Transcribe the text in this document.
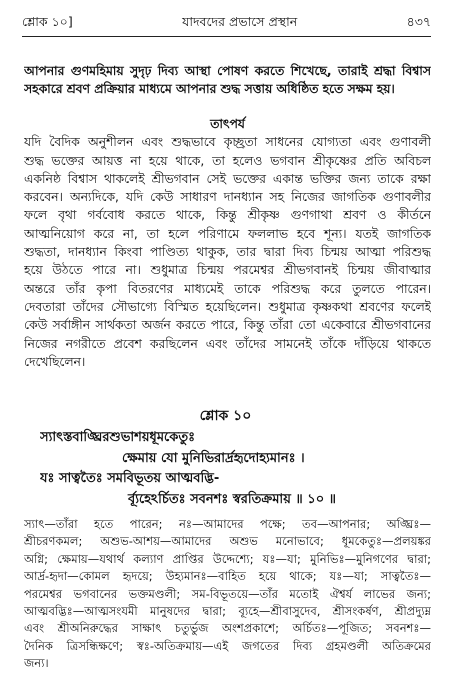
শ্লোক ১০]	যাদবদের প্রভাসে প্রস্থান	৪৩৭
আপনার গুণমহিমায় সুদৃঢ় দিব্য আস্থা পোষণ করতে শিখেছে, তারাই শ্রদ্ধা বিশ্বাস
সহকারে শ্রবণ প্রক্রিয়ার মাধ্যমে আপনার শুদ্ধ সত্তায় অধিষ্ঠিত হতে সক্ষম হয়।
তাৎপর্য
যদি বৈদিক অনুশীলন এবং শুদ্ধভাবে কৃচ্ছ্রতা সাধনের যোগ্যতা এবং গুণাবলী
শুদ্ধ ভক্তের আয়ত্ত না হয়ে থাকে, তা হলেও ভগবান শ্রীকৃষ্ণের প্রতি অবিচল
একনিষ্ঠ বিশ্বাস থাকলেই শ্রীভগবান সেই ভক্তের একান্ত ভক্তির জন্য তাকে রক্ষা
করবেন। অন্যদিকে, যদি কেউ সাধারণ দানধ্যান সহ নিজের জাগতিক গুণাবলীর
ফলে বৃথা গর্ববোধ করতে থাকে, কিন্তু শ্রীকৃষ্ণ গুণগাথা শ্রবণ ও কীর্তনে
আত্মনিয়োগ করে না, তা হলে পরিণামে ফললাভ হবে শূন্য। যতই জাগতিক
শুদ্ধতা, দানধ্যান কিংবা পাণ্ডিত্য থাকুক, তার দ্বারা দিব্য চিন্ময় আত্মা পরিশুদ্ধ
হয়ে উঠতে পারে না। শুধুমাত্র চিন্ময় পরমেশ্বর শ্রীভগবানই চিন্ময় জীবাত্মার
অন্তরে তাঁর কৃপা বিতরণের মাধ্যমেই তাকে পরিশুদ্ধ করে তুলতে পারেন।
দেবতারা তাঁদের সৌভাগ্যে বিস্মিত হয়েছিলেন। শুধুমাত্র কৃষ্ণকথা শ্রবণের ফলেই
কেউ সর্বাঙ্গীন সার্থকতা অর্জন করতে পারে, কিন্তু তাঁরা তো একেবারে শ্রীভগবানের
নিজের নগরীতে প্রবেশ করছিলেন এবং তাঁদের সামনেই তাঁকে দাঁড়িয়ে থাকতে
দেখেছিলেন।
শ্লোক ১০
স্যাৎস্তবাঙ্ঘ্রিরশুভাশয়ধূমকেতুঃ
ক্ষেমায় যো মুনিভিরার্দ্রহৃদোহ্যমানঃ ।
যঃ সাত্বতৈঃ সমবিভূতয় আত্মবদ্ভি-
র্ব্যূহেঽর্চিতঃ সবনশঃ স্বরতিক্রমায় ॥ ১০ ॥
স্যাৎ—তাঁরা হতে পারেন; নঃ—আমাদের পক্ষে; তব—আপনার; অঙ্ঘ্রিঃ—
শ্রীচরণকমল; অশুভ-আশয়—আমাদের অশুভ মনোভাবে; ধূমকেতুঃ—প্রলয়ঙ্কর
অগ্নি; ক্ষেমায়—যথার্থ কল্যাণ প্রাপ্তির উদ্দেশ্যে; যঃ—যা; মুনিভিঃ—মুনিগণের দ্বারা;
আর্দ্র-হৃদা—কোমল হৃদয়ে; উহ্যমানঃ—বাহিত হয়ে থাকে; যঃ—যা; সাত্বতৈঃ—
পরমেশ্বর ভগবানের ভক্তমণ্ডলী; সম-বিভূতয়ে—তাঁর মতোই ঐশ্বর্য লাভের জন্য;
আত্মবদ্ভিঃ—আত্মসংযমী মানুষদের দ্বারা; ব্যূহে—শ্রীবাসুদেব, শ্রীসংকর্ষণ, শ্রীপ্রদ্যুম্ন
এবং শ্রীঅনিরুদ্ধের সাক্ষাৎ চতুর্ভুজ অংশপ্রকাশে; অর্চিতঃ—পূজিত; সবনশঃ—
দৈনিক ত্রিসন্ধিক্ষণে; স্বঃ-অতিক্রমায়—এই জগতের দিব্য গ্রহমণ্ডলী অতিক্রমের
জন্য।
